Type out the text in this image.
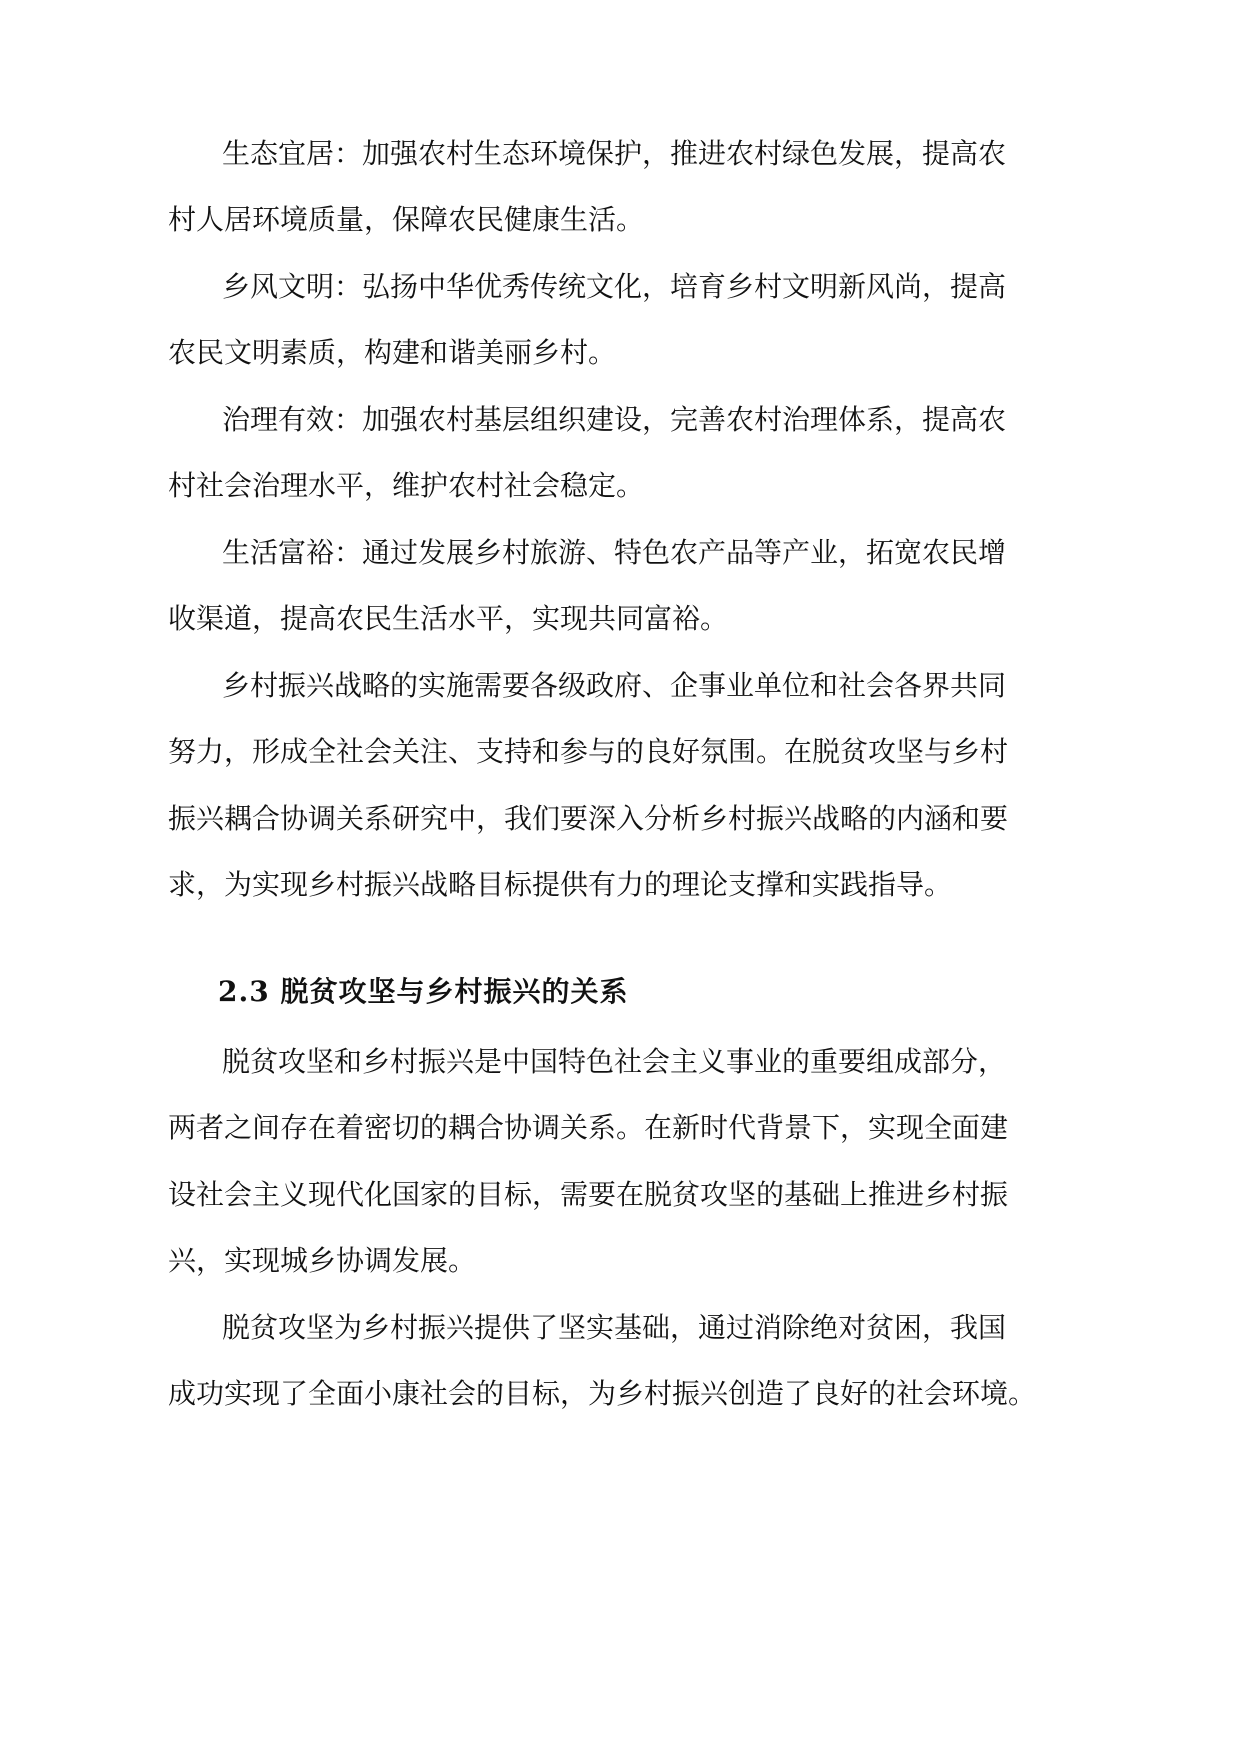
生态宜居：加强农村生态环境保护，推进农村绿色发展，提高农
村人居环境质量，保障农民健康生活。
乡风文明：弘扬中华优秀传统文化，培育乡村文明新风尚，提高
农民文明素质，构建和谐美丽乡村。
治理有效：加强农村基层组织建设，完善农村治理体系，提高农
村社会治理水平，维护农村社会稳定。
生活富裕：通过发展乡村旅游、特色农产品等产业，拓宽农民增
收渠道，提高农民生活水平，实现共同富裕。
乡村振兴战略的实施需要各级政府、企事业单位和社会各界共同
努力，形成全社会关注、支持和参与的良好氛围。在脱贫攻坚与乡村
振兴耦合协调关系研究中，我们要深入分析乡村振兴战略的内涵和要
求，为实现乡村振兴战略目标提供有力的理论支撑和实践指导。
2.3 脱贫攻坚与乡村振兴的关系
脱贫攻坚和乡村振兴是中国特色社会主义事业的重要组成部分，
两者之间存在着密切的耦合协调关系。在新时代背景下，实现全面建
设社会主义现代化国家的目标，需要在脱贫攻坚的基础上推进乡村振
兴，实现城乡协调发展。
脱贫攻坚为乡村振兴提供了坚实基础，通过消除绝对贫困，我国
成功实现了全面小康社会的目标，为乡村振兴创造了良好的社会环境。
